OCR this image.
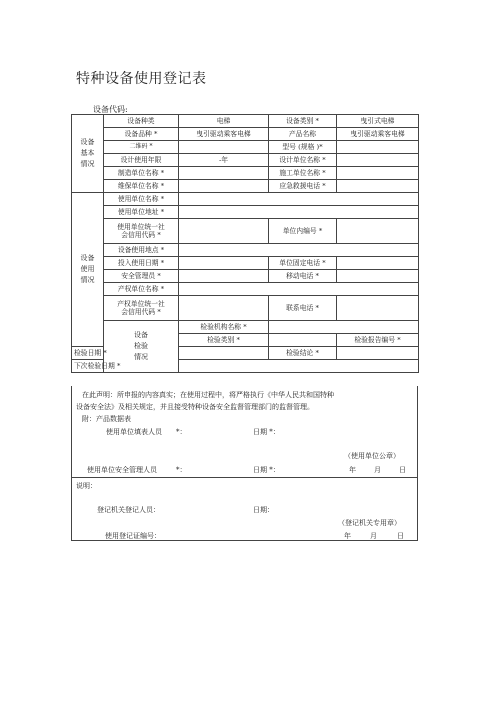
特种设备使用登记表
设备代码:
设备
基本
情况	设备种类	电梯	设备类别 *	曳引式电梯	
	设备品种 *	曳引驱动乘客电梯	产品名称	曳引驱动乘客电梯	
	二维码 *		型号 (规格 )*		
	设计使用年限	-年	设计单位名称 *		
	制造单位名称 *		施工单位名称 *		
	维保单位名称 *		应急救援电话 *		
设备
使用
情况	使用单位名称 *				
	使用单位地址 *				
	使用单位统一社
会信用代码 *		单位内编号 *		
	设备使用地点 *				
	投入使用日期 *		单位固定电话 *		
	安全管理员 *		移动电话 *		
	产权单位名称 *				
	产权单位统一社
会信用代码 *		联系电话 *		
	设备
检验
情况	检验机构名称 *			
		检验类别 *		检验报告编号 *	
检验日期 *			检验结论 *		
下次检验日期 *					
在此声明：所申报的内容真实；在使用过程中，将严格执行《中华人民共和国特种
设备安全法》及相关规定，并且接受特种设备安全监督管理部门的监督管理。
附：产品数据表
使用单位填表人员 *：	日期 *：
（使用单位公章）
使用单位安全管理人员	*：	日期 *：	年	月	日
说明：
登记机关登记人员：	日期：
（登记机关专用章）
使用登记证编号：	年	月	日
